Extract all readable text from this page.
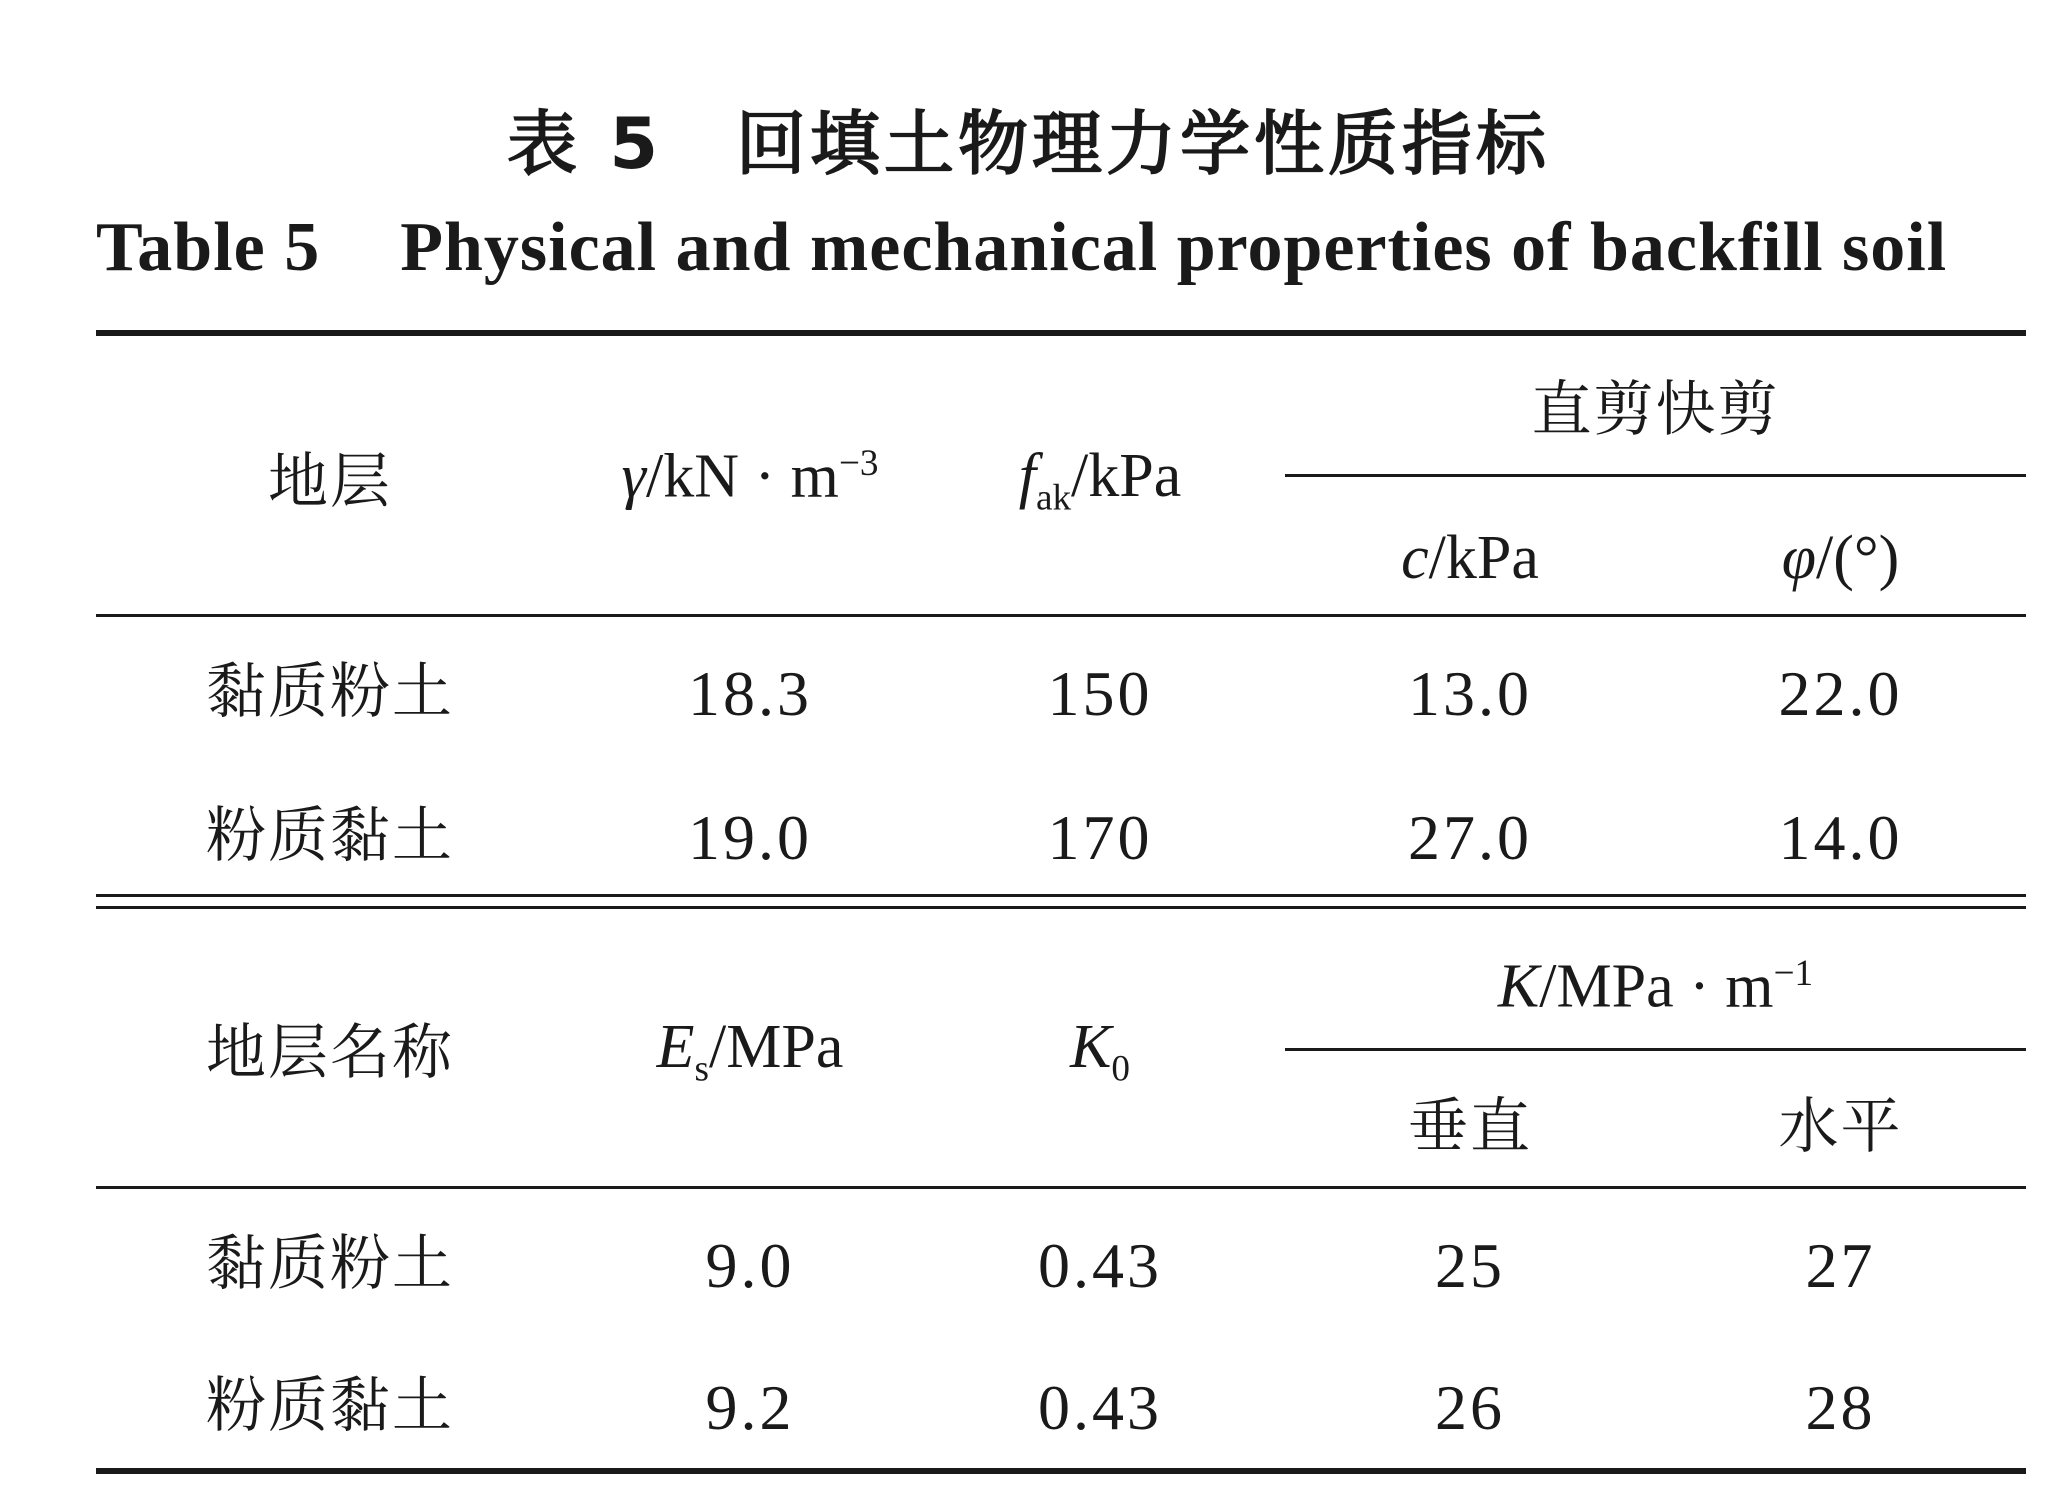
表 5　回填土物理力学性质指标
Table 5 Physical and mechanical properties of backfill soil
地层	$\gamma/kN \cdot m^{-3}$	$f_{ak}$/kPa
直剪快剪
c/kPa	φ/(°)
黏质粉土	18.3	150	13.0	22.0
粉质黏土	19.0	170	27.0	14.0
地层名称	$E_s$/MPa	$K_0$
$K/MPa \cdot m^{-1}$
垂直	水平
黏质粉土	9.0	0.43	25	27
粉质黏土	9.2	0.43	26	28
